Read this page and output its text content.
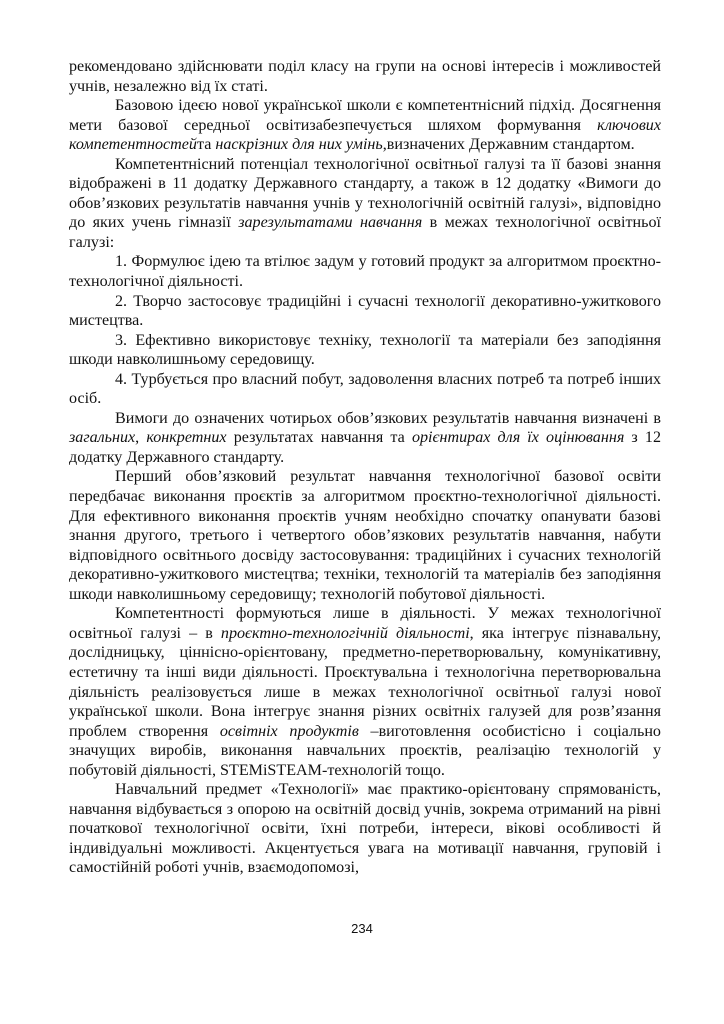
рекомендовано здійснювати поділ класу на групи на основі інтересів і можливостей учнів, незалежно від їх статі.

Базовою ідеєю нової української школи є компетентнісний підхід. Досягнення мети базової середньої освітизабезпечується шляхом формування ключових компетентностейта наскрізних для них умінь,визначених Державним стандартом.

Компетентнісний потенціал технологічної освітньої галузі та її базові знання відображені в 11 додатку Державного стандарту, а також в 12 додатку «Вимоги до обов’язкових результатів навчання учнів у технологічній освітній галузі», відповідно до яких учень гімназії зарезультатами навчання в межах технологічної освітньої галузі:

1. Формулює ідею та втілює задум у готовий продукт за алгоритмом проєктно-технологічної діяльності.

2. Творчо застосовує традиційні і сучасні технології декоративно-ужиткового мистецтва.

3. Ефективно використовує техніку, технології та матеріали без заподіяння шкоди навколишньому середовищу.

4. Турбується про власний побут, задоволення власних потреб та потреб інших осіб.

Вимоги до означених чотирьох обов’язкових результатів навчання визначені в загальних, конкретних результатах навчання та орієнтирах для їх оцінювання з 12 додатку Державного стандарту.

Перший обов’язковий результат навчання технологічної базової освіти передбачає виконання проєктів за алгоритмом проєктно-технологічної діяльності. Для ефективного виконання проєктів учням необхідно спочатку опанувати базові знання другого, третього і четвертого обов’язкових результатів навчання, набути відповідного освітнього досвіду застосовування: традиційних і сучасних технологій декоративно-ужиткового мистецтва; техніки, технологій та матеріалів без заподіяння шкоди навколишньому середовищу; технологій побутової діяльності.

Компетентності формуються лише в діяльності. У межах технологічної освітньої галузі – в проєктно-технологічній діяльності, яка інтегрує пізнавальну, дослідницьку, ціннісно-орієнтовану, предметно-перетворювальну, комунікативну, естетичну та інші види діяльності. Проєктувальна і технологічна перетворювальна діяльність реалізовується лише в межах технологічної освітньої галузі нової української школи. Вона інтегрує знання різних освітніх галузей для розв’язання проблем створення освітніх продуктів –виготовлення особистісно і соціально значущих виробів, виконання навчальних проєктів, реалізацію технологій у побутовій діяльності, STEMiSTEAM-технологій тощо.

Навчальний предмет «Технології» має практико-орієнтовану спрямованість, навчання відбувається з опорою на освітній досвід учнів, зокрема отриманий на рівні початкової технологічної освіти, їхні потреби, інтереси, вікові особливості й індивідуальні можливості. Акцентується увага на мотивації навчання, груповій і самостійній роботі учнів, взаємодопомозі,

234
